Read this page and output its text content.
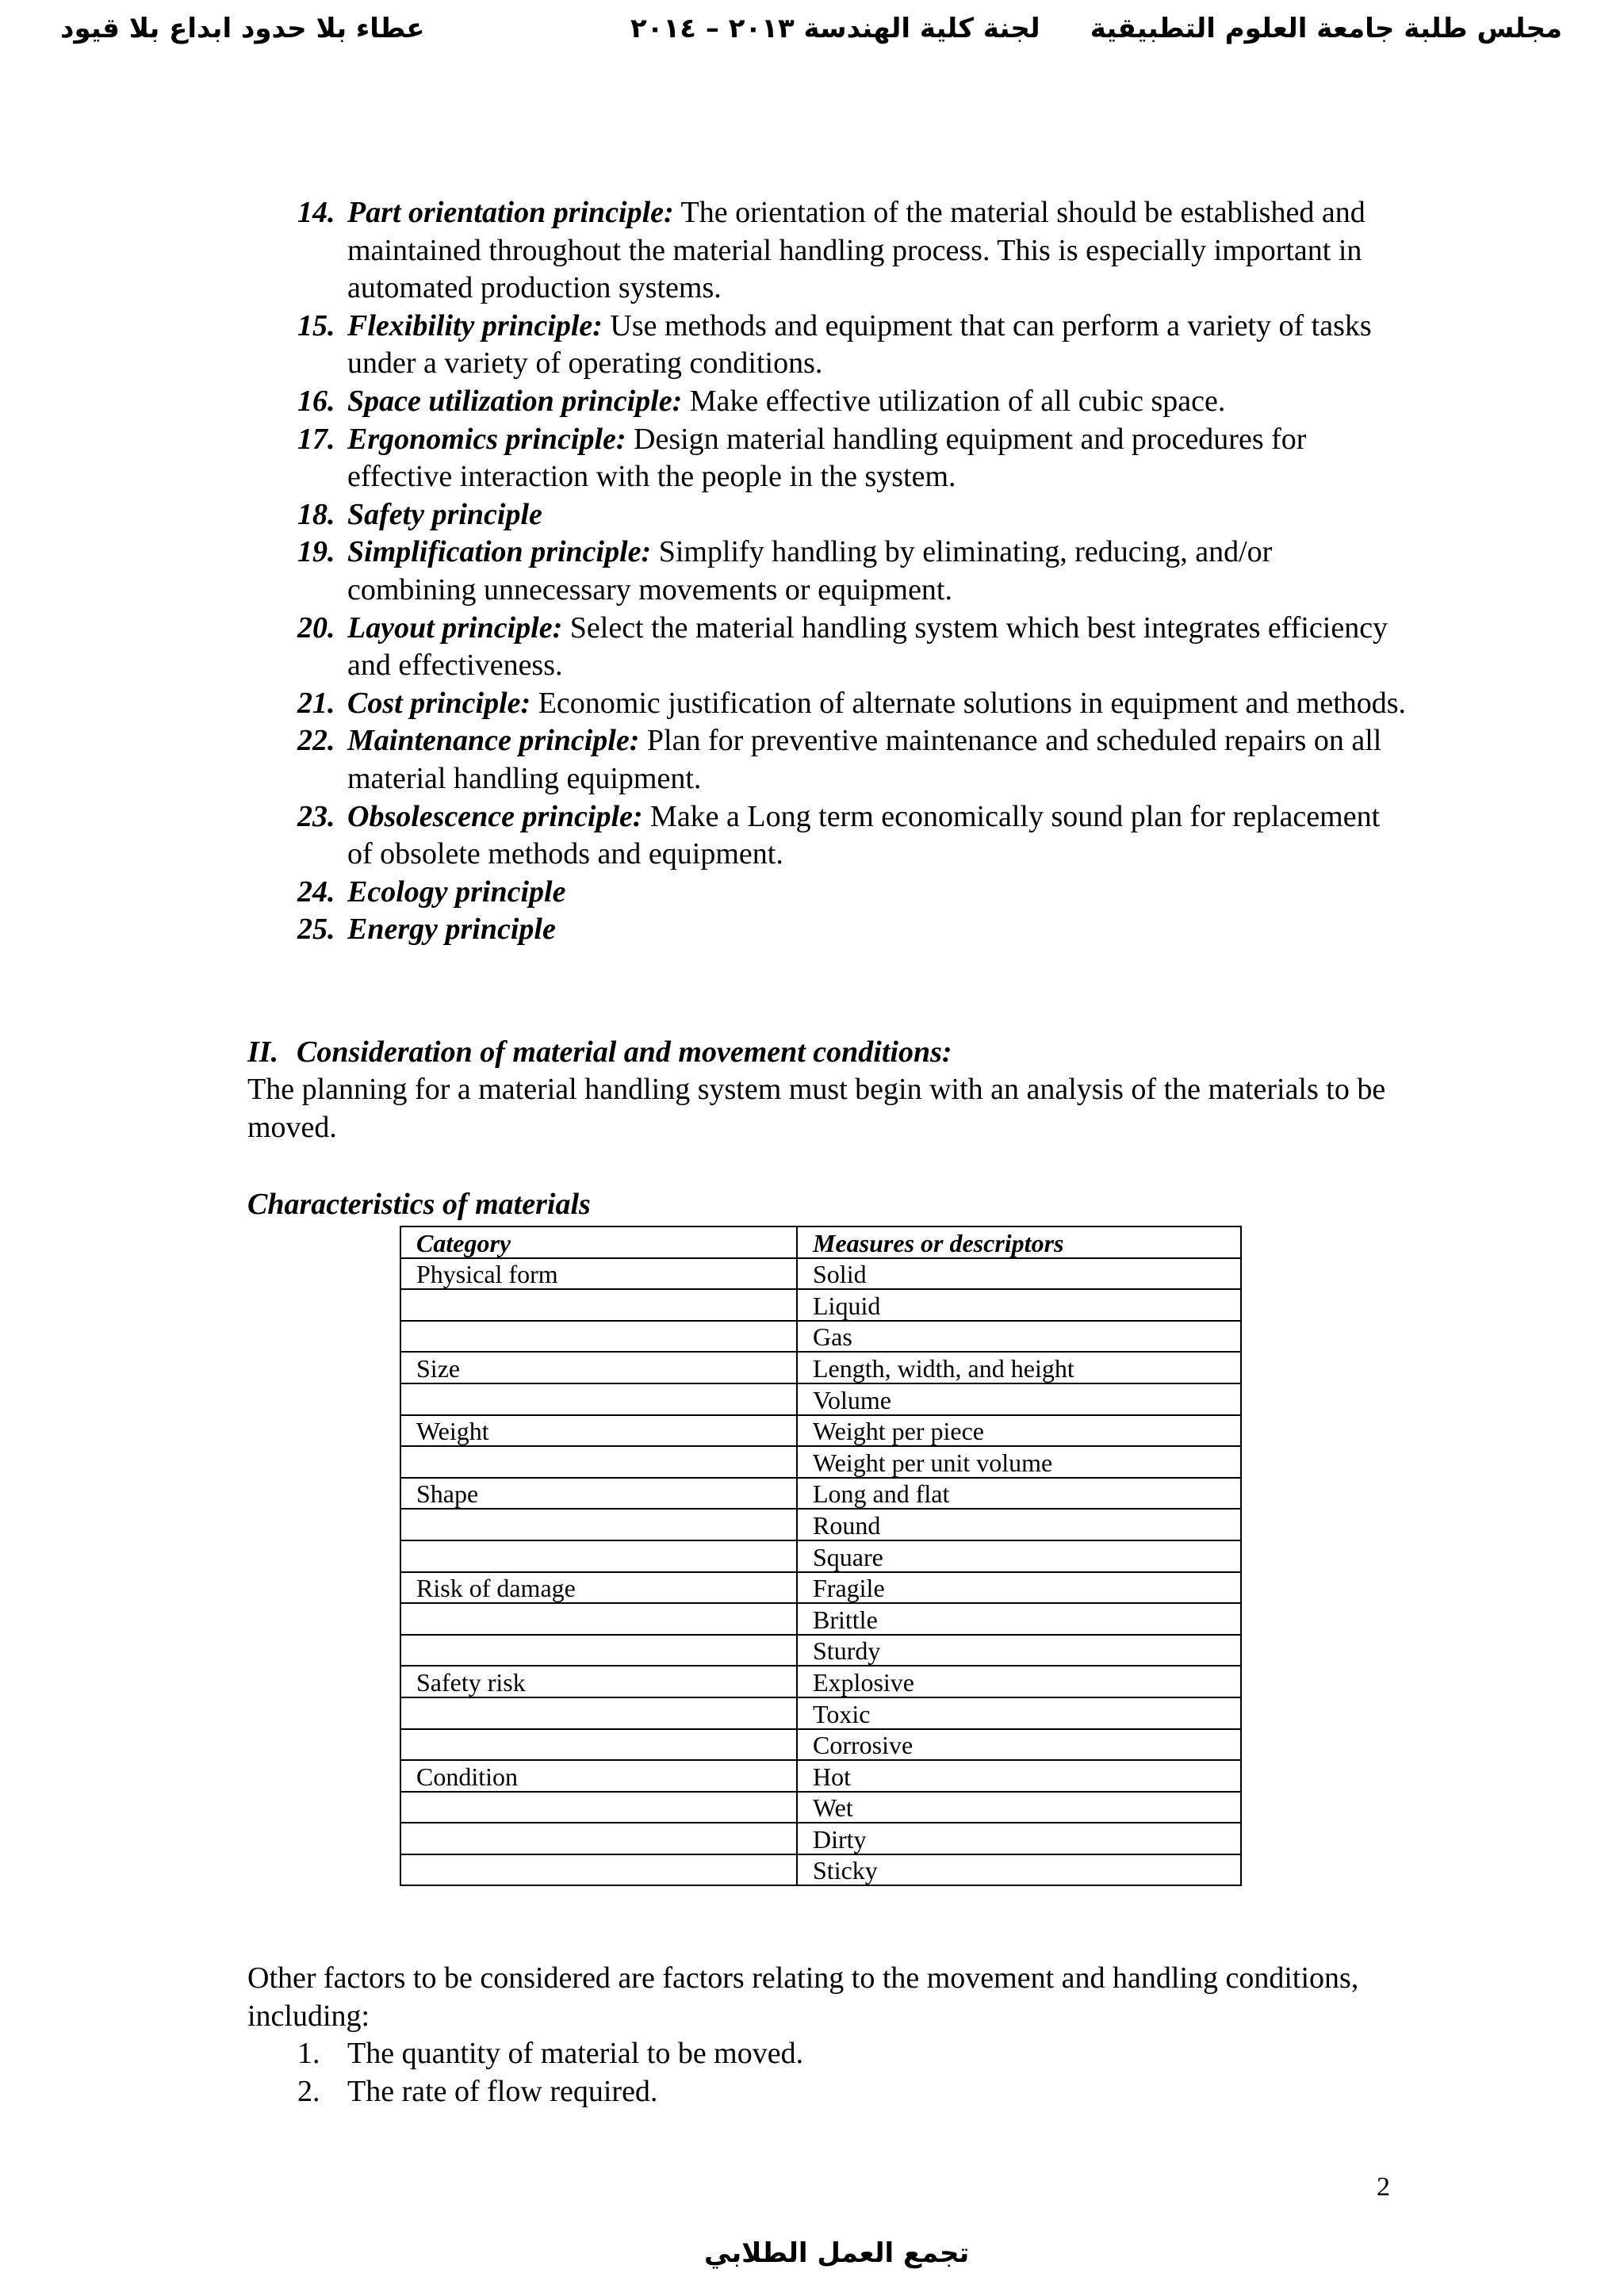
مجلس طلبة جامعة العلوم التطبيقية
لجنة كلية الهندسة ٢٠١٣ – ٢٠١٤
عطاء بلا حدود ابداع بلا قيود
14. Part orientation principle: The orientation of the material should be established and maintained throughout the material handling process. This is especially important in automated production systems.
15. Flexibility principle: Use methods and equipment that can perform a variety of tasks under a variety of operating conditions.
16. Space utilization principle: Make effective utilization of all cubic space.
17. Ergonomics principle: Design material handling equipment and procedures for effective interaction with the people in the system.
18. Safety principle
19. Simplification principle: Simplify handling by eliminating, reducing, and/or combining unnecessary movements or equipment.
20. Layout principle: Select the material handling system which best integrates efficiency and effectiveness.
21. Cost principle: Economic justification of alternate solutions in equipment and methods.
22. Maintenance principle: Plan for preventive maintenance and scheduled repairs on all material handling equipment.
23. Obsolescence principle: Make a Long term economically sound plan for replacement of obsolete methods and equipment.
24. Ecology principle
25. Energy principle
II. Consideration of material and movement conditions:

The planning for a material handling system must begin with an analysis of the materials to be moved.

Characteristics of materials
Category	Measures or descriptors
Physical form	Solid
	Liquid
	Gas
Size	Length, width, and height
	Volume
Weight	Weight per piece
	Weight per unit volume
Shape	Long and flat
	Round
	Square
Risk of damage	Fragile
	Brittle
	Sturdy
Safety risk	Explosive
	Toxic
	Corrosive
Condition	Hot
	Wet
	Dirty
	Sticky

Other factors to be considered are factors relating to the movement and handling conditions, including:

1. The quantity of material to be moved.
2. The rate of flow required.
2
تجمع العمل الطلابي
